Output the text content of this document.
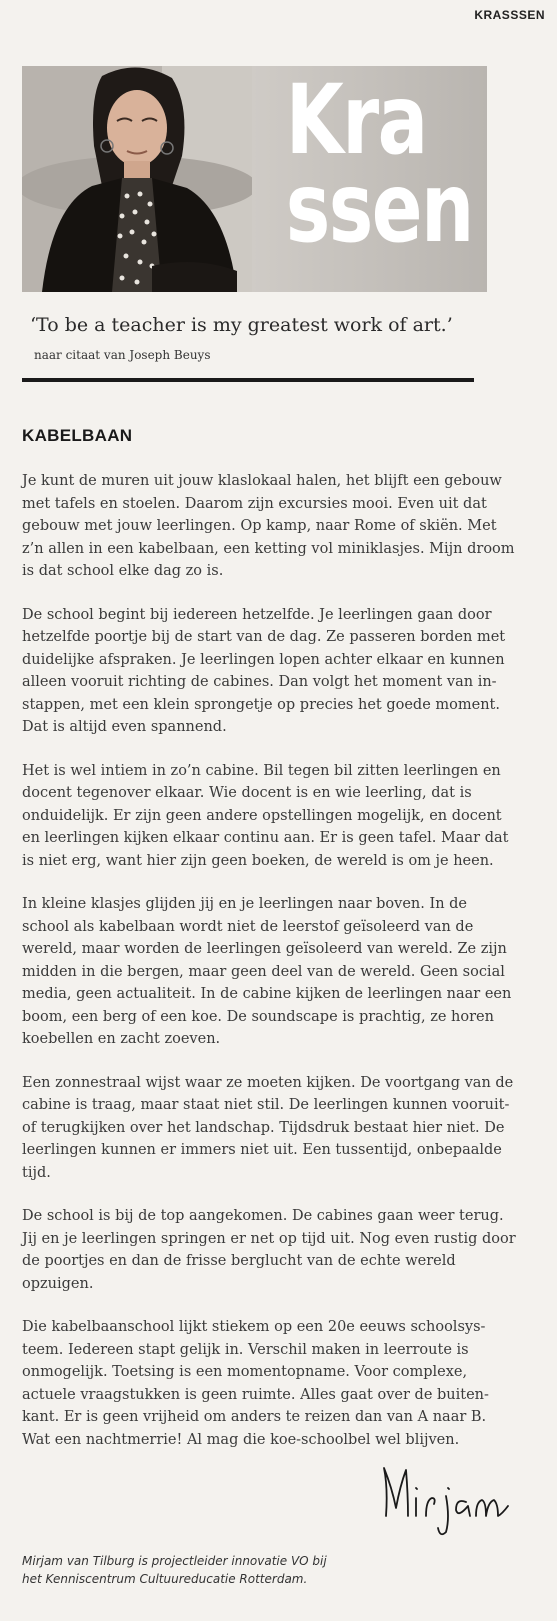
KRASSSEN
Kra
ssen
‘To be a teacher is my greatest work of art.’
naar citaat van Joseph Beuys
KABELBAAN

Je kunt de muren uit jouw klaslokaal halen, het blijft een gebouw met tafels en stoelen. Daarom zijn excursies mooi. Even uit dat gebouw met jouw leerlingen. Op kamp, naar Rome of skiën. Met z’n allen in een kabelbaan, een ketting vol miniklasjes. Mijn droom is dat school elke dag zo is.

De school begint bij iedereen hetzelfde. Je leerlingen gaan door hetzelfde poortje bij de start van de dag. Ze passeren borden met duidelijke afspraken. Je leerlingen lopen achter elkaar en kunnen alleen vooruit richting de cabines. Dan volgt het moment van in-stappen, met een klein sprongetje op precies het goede moment. Dat is altijd even spannend.

Het is wel intiem in zo’n cabine. Bil tegen bil zitten leerlingen en docent tegenover elkaar. Wie docent is en wie leerling, dat is onduidelijk. Er zijn geen andere opstellingen mogelijk, en docent en leerlingen kijken elkaar continu aan. Er is geen tafel. Maar dat is niet erg, want hier zijn geen boeken, de wereld is om je heen.

In kleine klasjes glijden jij en je leerlingen naar boven. In de school als kabelbaan wordt niet de leerstof geïsoleerd van de wereld, maar worden de leerlingen geïsoleerd van wereld. Ze zijn midden in die bergen, maar geen deel van de wereld. Geen social media, geen actualiteit. In de cabine kijken de leerlingen naar een boom, een berg of een koe. De soundscape is prachtig, ze horen koebellen en zacht zoeven.

Een zonnestraal wijst waar ze moeten kijken. De voortgang van de cabine is traag, maar staat niet stil. De leerlingen kunnen vooruit- of terugkijken over het landschap. Tijdsdruk bestaat hier niet. De leerlingen kunnen er immers niet uit. Een tussentijd, onbepaalde tijd.

De school is bij de top aangekomen. De cabines gaan weer terug. Jij en je leerlingen springen er net op tijd uit. Nog even rustig door de poortjes en dan de frisse berglucht van de echte wereld opzuigen.

Die kabelbaanschool lijkt stiekem op een 20e eeuws schoolsys-teem. Iedereen stapt gelijk in. Verschil maken in leerroute is onmogelijk. Toetsing is een momentopname. Voor complexe, actuele vraagstukken is geen ruimte. Alles gaat over de buiten-kant. Er is geen vrijheid om anders te reizen dan van A naar B. Wat een nachtmerrie! Al mag die koe-schoolbel wel blijven.

Mirjam van Tilburg is projectleider innovatie VO bij
het Kenniscentrum Cultuureducatie Rotterdam.
